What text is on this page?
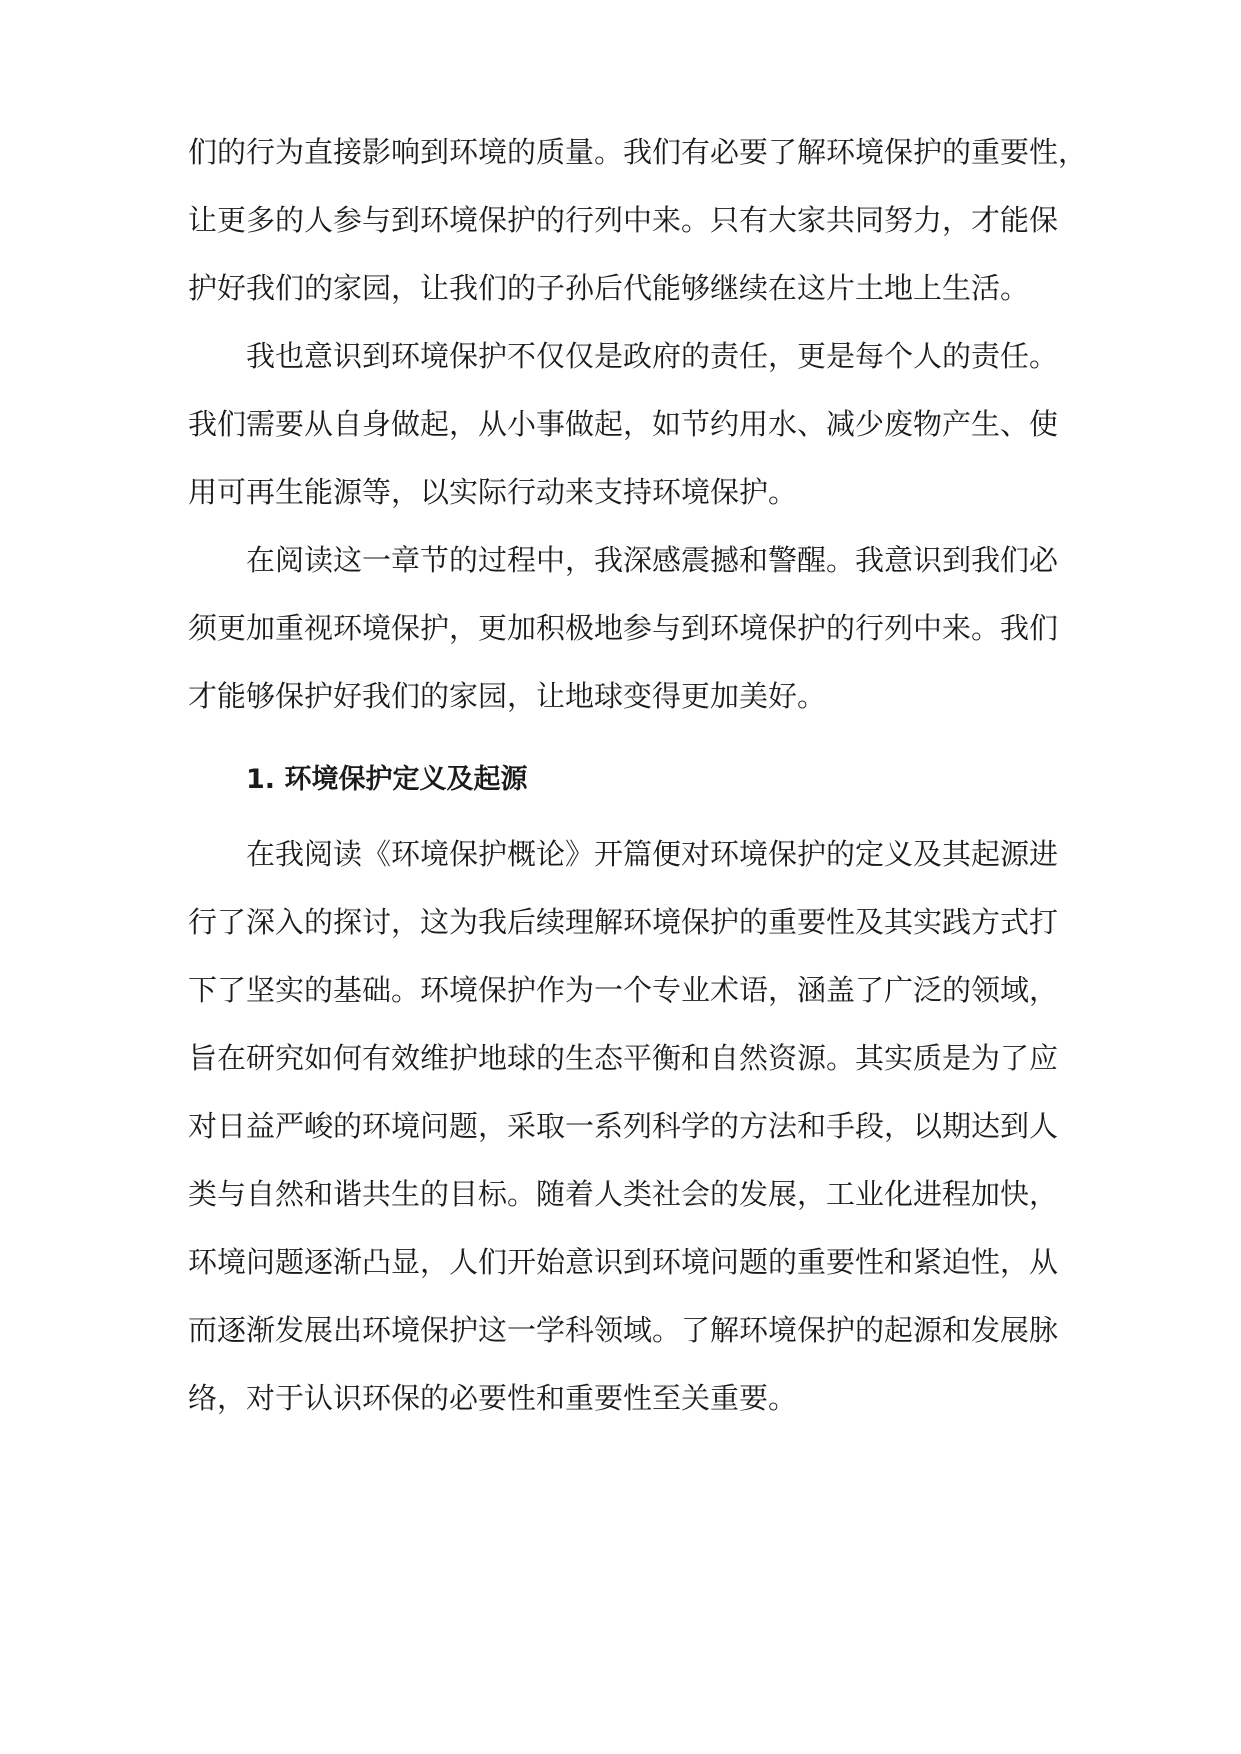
们的行为直接影响到环境的质量。我们有必要了解环境保护的重要性，
让更多的人参与到环境保护的行列中来。只有大家共同努力，才能保
护好我们的家园，让我们的子孙后代能够继续在这片土地上生活。
我也意识到环境保护不仅仅是政府的责任，更是每个人的责任。
我们需要从自身做起，从小事做起，如节约用水、减少废物产生、使
用可再生能源等，以实际行动来支持环境保护。
在阅读这一章节的过程中，我深感震撼和警醒。我意识到我们必
须更加重视环境保护，更加积极地参与到环境保护的行列中来。我们
才能够保护好我们的家园，让地球变得更加美好。
1. 环境保护定义及起源
在我阅读《环境保护概论》开篇便对环境保护的定义及其起源进
行了深入的探讨，这为我后续理解环境保护的重要性及其实践方式打
下了坚实的基础。环境保护作为一个专业术语，涵盖了广泛的领域，
旨在研究如何有效维护地球的生态平衡和自然资源。其实质是为了应
对日益严峻的环境问题，采取一系列科学的方法和手段，以期达到人
类与自然和谐共生的目标。随着人类社会的发展，工业化进程加快，
环境问题逐渐凸显，人们开始意识到环境问题的重要性和紧迫性，从
而逐渐发展出环境保护这一学科领域。了解环境保护的起源和发展脉
络，对于认识环保的必要性和重要性至关重要。
